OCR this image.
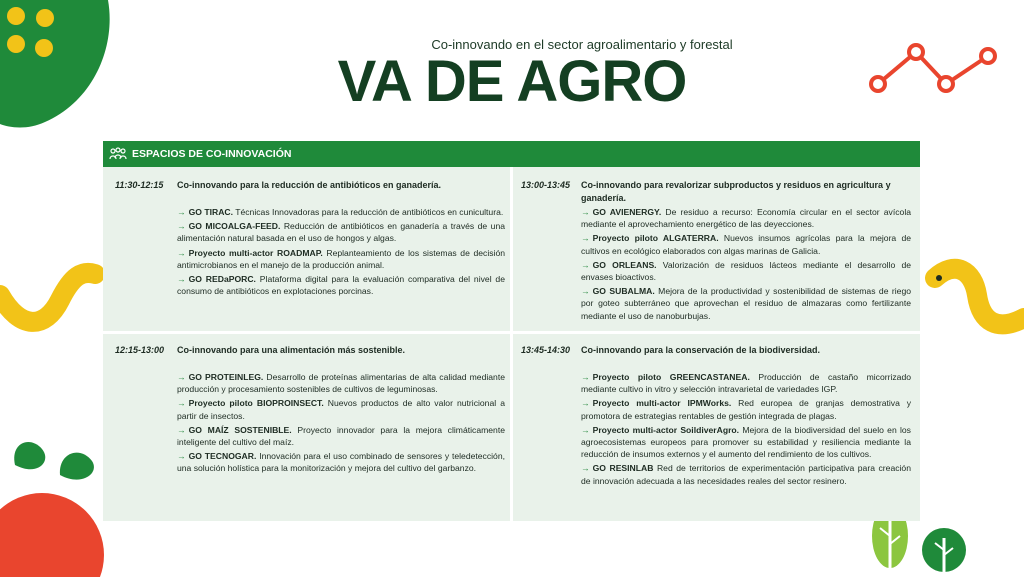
Co-innovando en el sector agroalimentario y forestal
VA DE AGRO
ESPACIOS DE CO-INNOVACIÓN
11:30-12:15 Co-innovando para la reducción de antibióticos en ganadería.
→ GO TIRAC. Técnicas Innovadoras para la reducción de antibióticos en cunicultura.
→ GO MICOALGA-FEED. Reducción de antibióticos en ganadería a través de una alimentación natural basada en el uso de hongos y algas.
→ Proyecto multi-actor ROADMAP. Replanteamiento de los sistemas de decisión antimicrobianos en el manejo de la producción animal.
→ GO REDaPORC. Plataforma digital para la evaluación comparativa del nivel de consumo de antibióticos en explotaciones porcinas.
13:00-13:45 Co-innovando para revalorizar subproductos y residuos en agricultura y ganadería.
→ GO AVIENERGY. De residuo a recurso: Economía circular en el sector avícola mediante el aprovechamiento energético de las deyecciones.
→ Proyecto piloto ALGATERRA. Nuevos insumos agrícolas para la mejora de cultivos en ecológico elaborados con algas marinas de Galicia.
→ GO ORLEANS. Valorización de residuos lácteos mediante el desarrollo de envases bioactivos.
→ GO SUBALMA. Mejora de la productividad y sostenibilidad de sistemas de riego por goteo subterráneo que aprovechan el residuo de almazaras como fertilizante mediante el uso de nanoburbujas.
12:15-13:00 Co-innovando para una alimentación más sostenible.
→ GO PROTEINLEG. Desarrollo de proteínas alimentarias de alta calidad mediante producción y procesamiento sostenibles de cultivos de leguminosas.
→ Proyecto piloto BIOPROINSECT. Nuevos productos de alto valor nutricional a partir de insectos.
→ GO MAÍZ SOSTENIBLE. Proyecto innovador para la mejora climáticamente inteligente del cultivo del maíz.
→ GO TECNOGAR. Innovación para el uso combinado de sensores y teledetección, una solución holística para la monitorización y mejora del cultivo del garbanzo.
13:45-14:30 Co-innovando para la conservación de la biodiversidad.
→ Proyecto piloto GREENCASTANEA. Producción de castaño micorrizado mediante cultivo in vitro y selección intravarietal de variedades IGP.
→ Proyecto multi-actor IPMWorks. Red europea de granjas demostrativa y promotora de estrategias rentables de gestión integrada de plagas.
→ Proyecto multi-actor SoildiverAgro. Mejora de la biodiversidad del suelo en los agroecosistemas europeos para promover su estabilidad y resiliencia mediante la reducción de insumos externos y el aumento del rendimiento de los cultivos.
→ GO RESINLAB Red de territorios de experimentación participativa para creación de innovación adecuada a las necesidades reales del sector resinero.
